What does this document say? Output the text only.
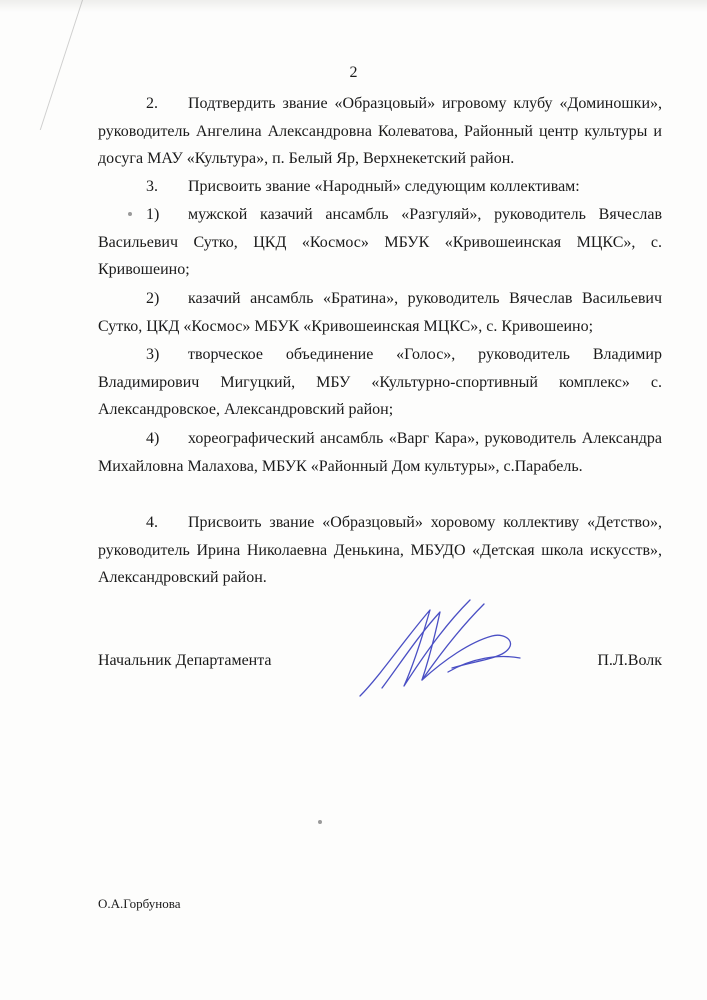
2

2. Подтвердить звание «Образцовый» игровому клубу «Доминошки», руководитель Ангелина Александровна Колеватова, Районный центр культуры и досуга МАУ «Культура», п. Белый Яр, Верхнекетский район.

3. Присвоить звание «Народный» следующим коллективам:

1) мужской казачий ансамбль «Разгуляй», руководитель Вячеслав Васильевич Сутко, ЦКД «Космос» МБУК «Кривошеинская МЦКС», с. Кривошеино;

2) казачий ансамбль «Братина», руководитель Вячеслав Васильевич Сутко, ЦКД «Космос» МБУК «Кривошеинская МЦКС», с. Кривошеино;

3) творческое объединение «Голос», руководитель Владимир Владимирович Мигуцкий, МБУ «Культурно-спортивный комплекс» с. Александровское, Александровский район;

4) хореографический ансамбль «Варг Кара», руководитель Александра Михайловна Малахова, МБУК «Районный Дом культуры», с.Парабель.

4. Присвоить звание «Образцовый» хоровому коллективу «Детство», руководитель Ирина Николаевна Денькина, МБУДО «Детская школа искусств», Александровский район.

Начальник Департамента	П.Л.Волк
О.А.Горбунова
